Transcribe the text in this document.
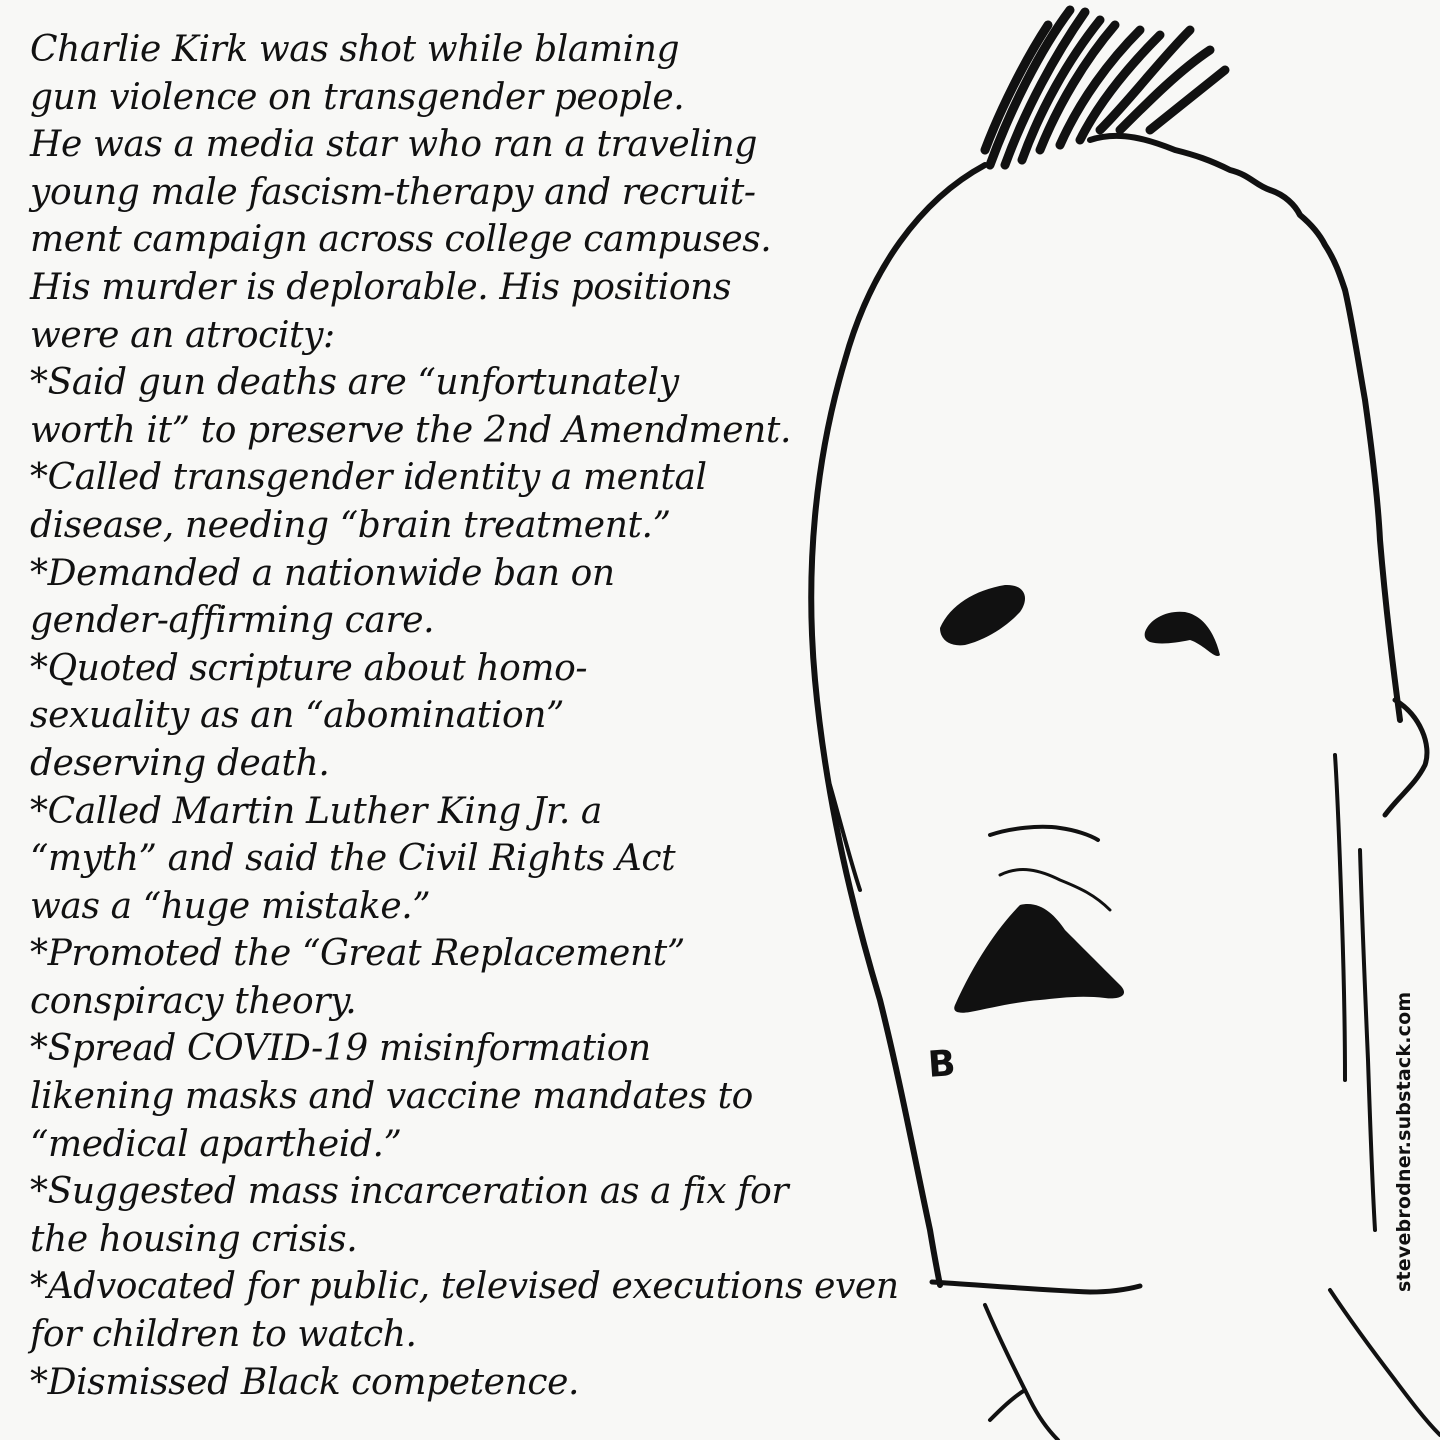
Charlie Kirk was shot while blaming
gun violence on transgender people.
He was a media star who ran a traveling
young male fascism-therapy and recruit-
ment campaign across college campuses.
His murder is deplorable. His positions
were an atrocity:
*Said gun deaths are “unfortunately
worth it” to preserve the 2nd Amendment.
*Called transgender identity a mental
disease, needing “brain treatment.”
*Demanded a nationwide ban on
gender-affirming care.
*Quoted scripture about homo-
sexuality as an “abomination”
deserving death.
*Called Martin Luther King Jr. a
“myth” and said the Civil Rights Act
was a “huge mistake.”
*Promoted the “Great Replacement”
conspiracy theory.
*Spread COVID-19 misinformation
likening masks and vaccine mandates to
“medical apartheid.”
*Suggested mass incarceration as a fix for
the housing crisis.
*Advocated for public, televised executions even
for children to watch.
*Dismissed Black competence.
B	stevebrodner.substack.com
